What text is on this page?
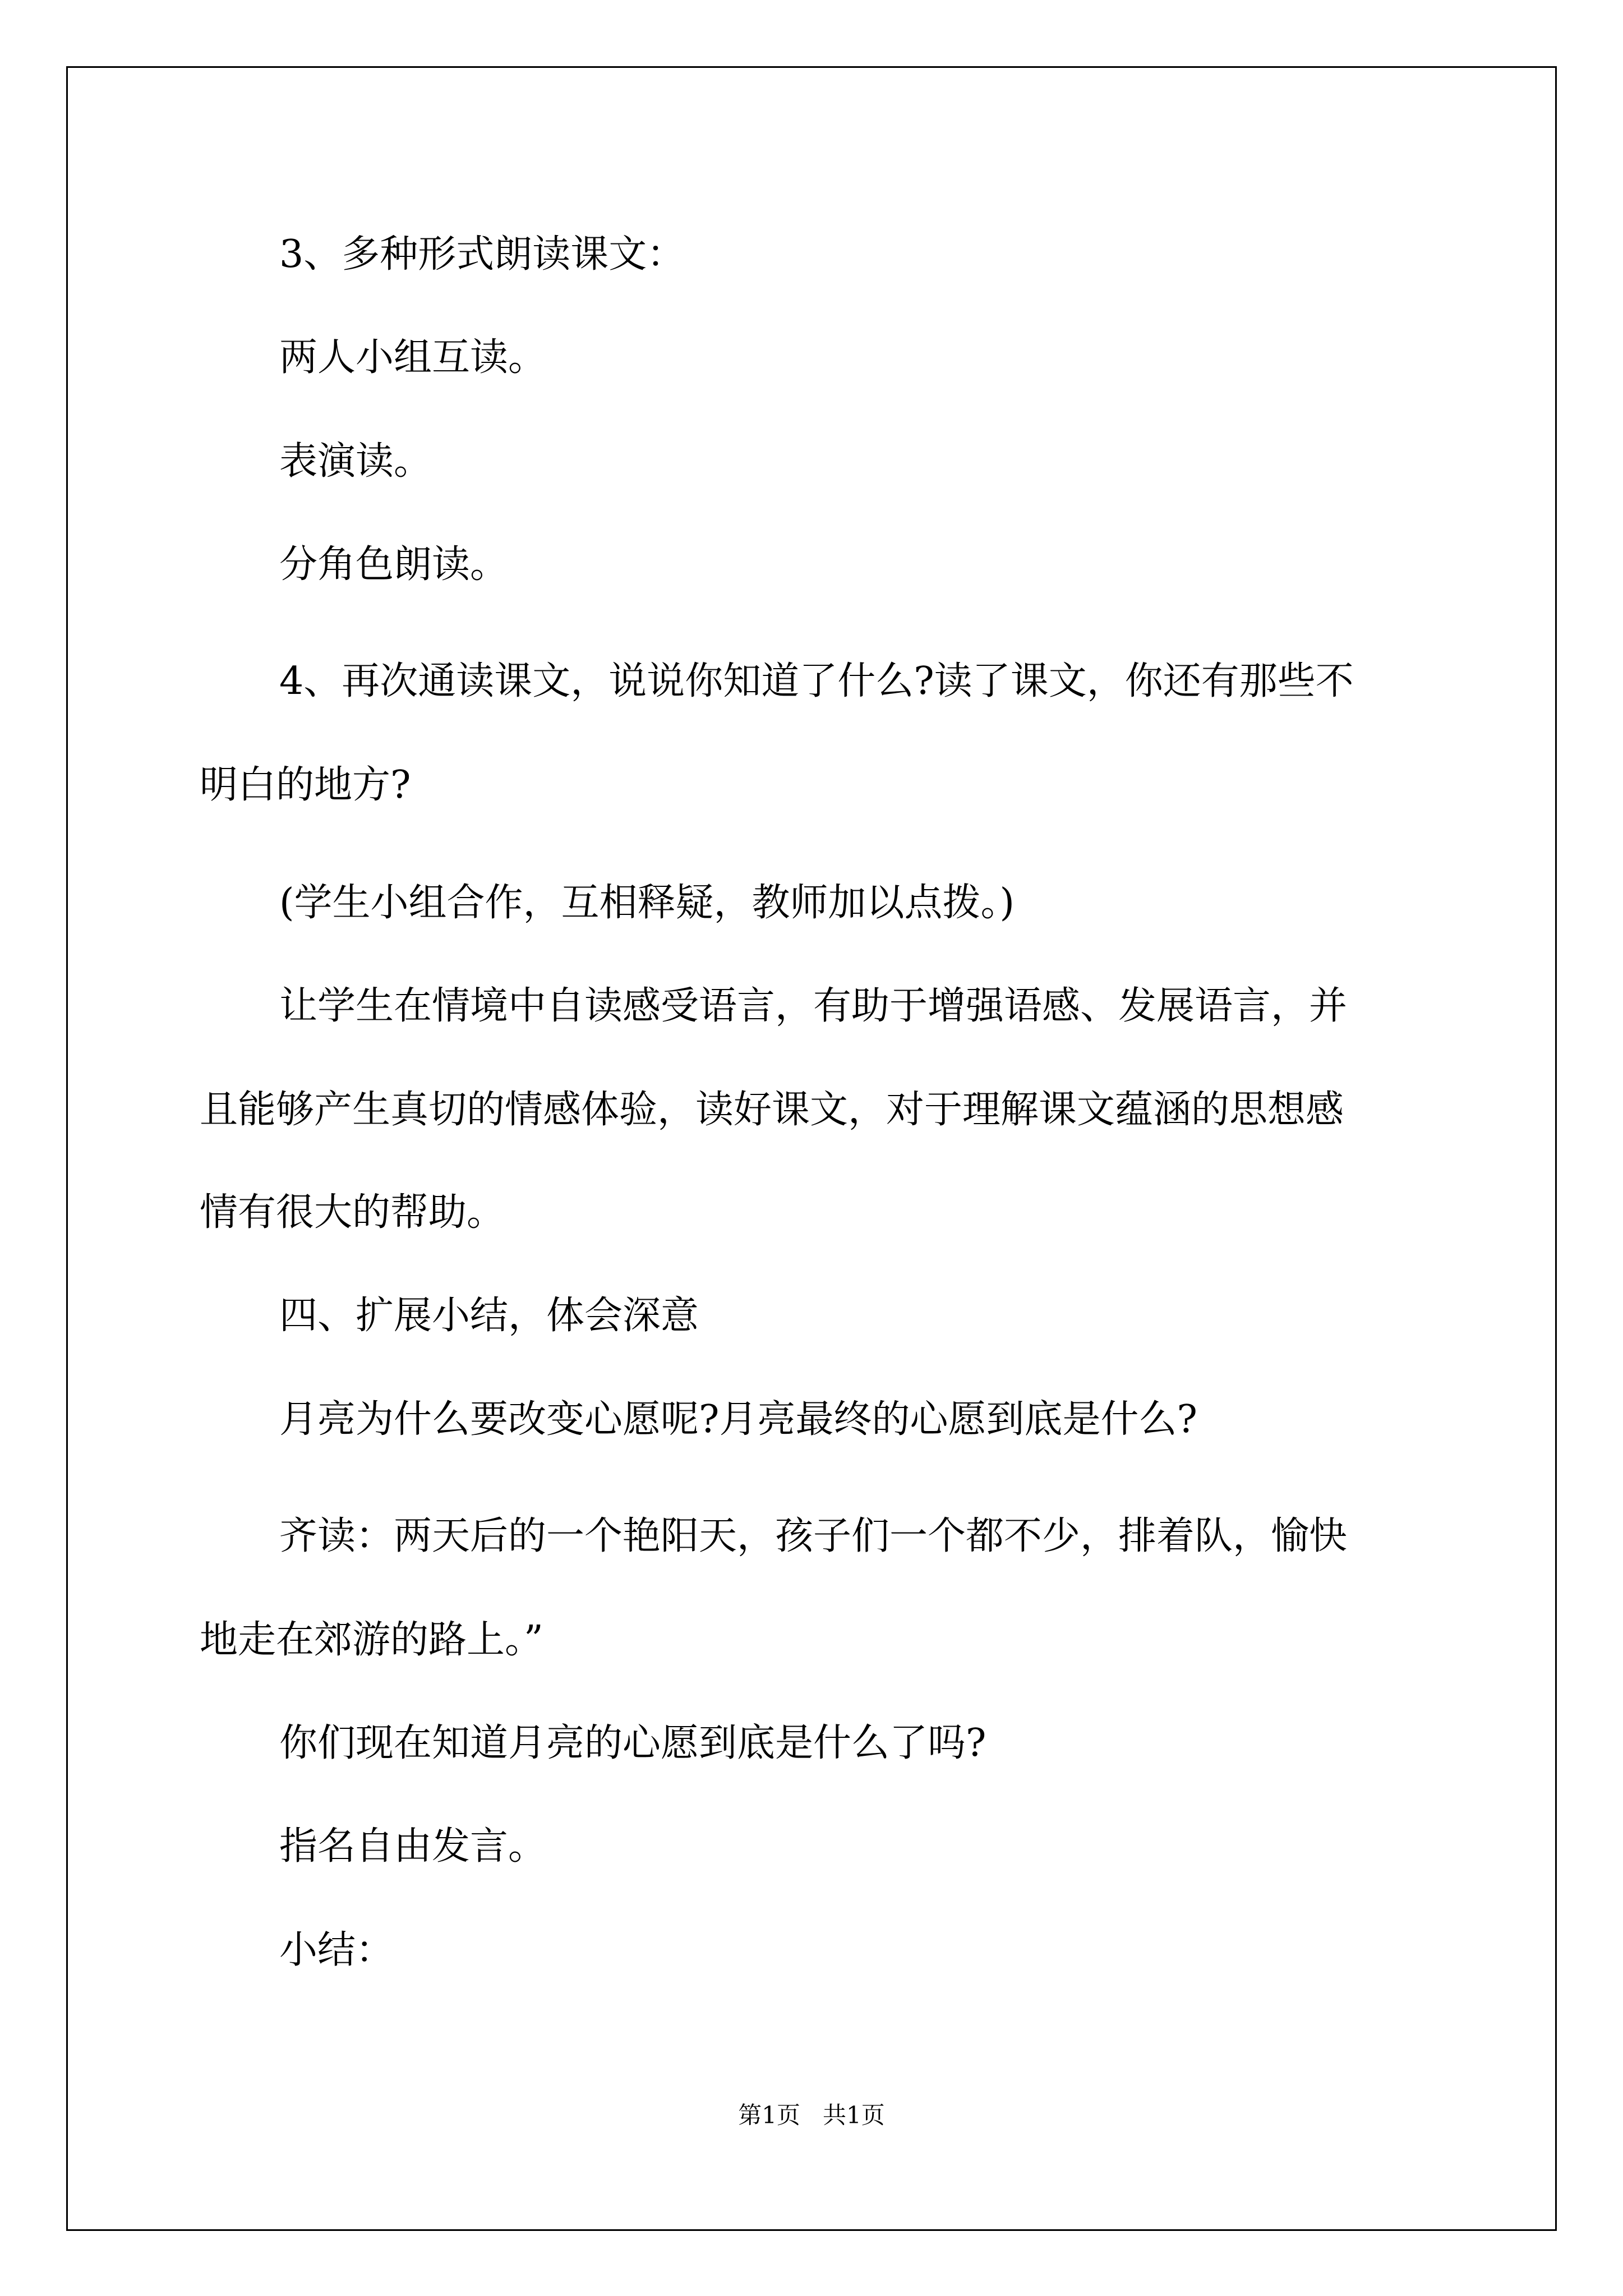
3、多种形式朗读课文：

两人小组互读。

表演读。

分角色朗读。

4、再次通读课文，说说你知道了什么?读了课文，你还有那些不

明白的地方?

(学生小组合作，互相释疑，教师加以点拨。)

让学生在情境中自读感受语言，有助于增强语感、发展语言，并

且能够产生真切的情感体验，读好课文，对于理解课文蕴涵的思想感

情有很大的帮助。

四、扩展小结，体会深意

月亮为什么要改变心愿呢?月亮最终的心愿到底是什么?

齐读：两天后的一个艳阳天，孩子们一个都不少，排着队，愉快

地走在郊游的路上。”

你们现在知道月亮的心愿到底是什么了吗?

指名自由发言。

小结：

第1页 共1页
